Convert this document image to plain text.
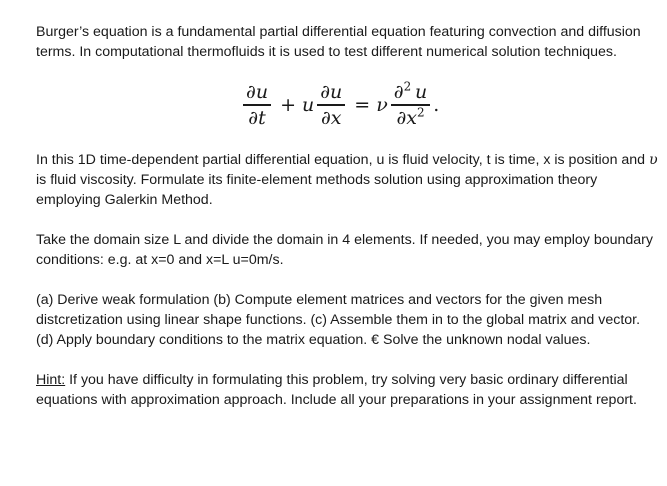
Burger’s equation is a fundamental partial differential equation featuring convection and diffusion terms. In computational thermofluids it is used to test different numerical solution techniques.

$\frac{\partial u}{\partial t} + u \frac{\partial u}{\partial x} = \nu \frac{\partial^2 u}{\partial x^2}$ .

In this 1D time-dependent partial differential equation, u is fluid velocity, t is time, x is position and υ is fluid viscosity. Formulate its finite-element methods solution using approximation theory employing Galerkin Method.

Take the domain size L and divide the domain in 4 elements. If needed, you may employ boundary conditions: e.g. at x=0 and x=L u=0m/s.

(a) Derive weak formulation (b) Compute element matrices and vectors for the given mesh distcretization using linear shape functions. (c) Assemble them in to the global matrix and vector. (d) Apply boundary conditions to the matrix equation. € Solve the unknown nodal values.

Hint: If you have difficulty in formulating this problem, try solving very basic ordinary differential equations with approximation approach. Include all your preparations in your assignment report.
